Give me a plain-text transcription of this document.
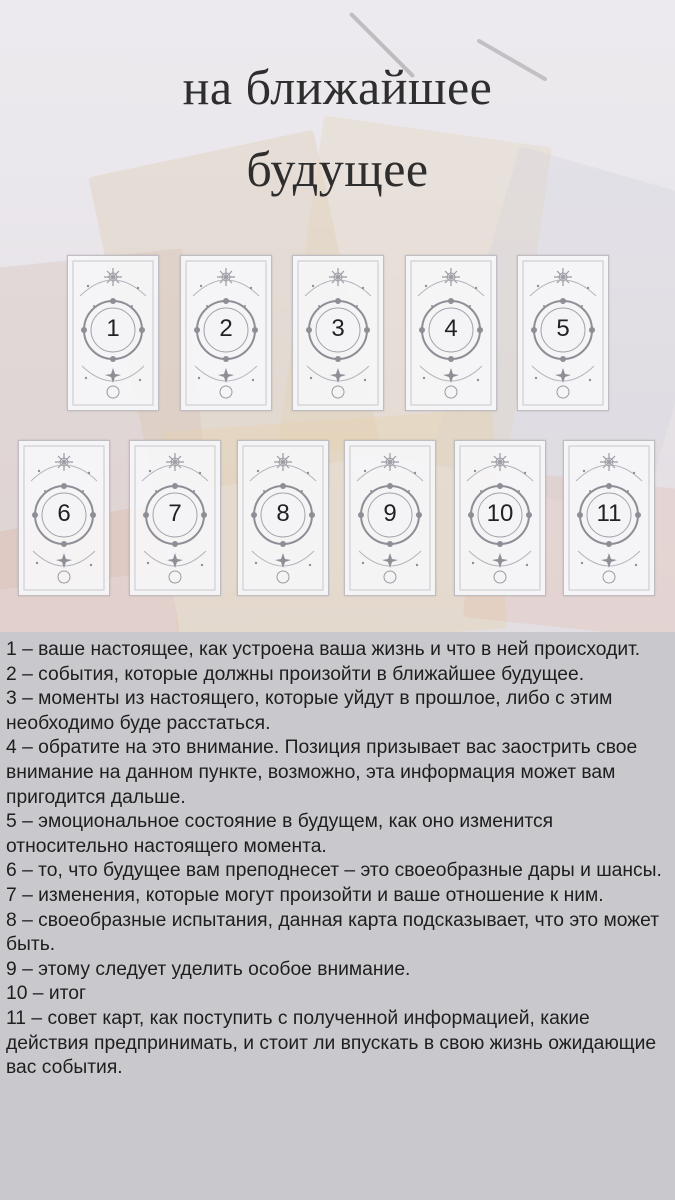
на ближайшее
будущее
1	2	3	4	5
6	7	8	9	10	11
1 – ваше настоящее, как устроена ваша жизнь и что в ней происходит.
2 – события, которые должны произойти в ближайшее будущее.
3 – моменты из настоящего, которые уйдут в прошлое, либо с этим необходимо буде расстаться.
4 – обратите на это внимание. Позиция призывает вас заострить свое внимание на данном пункте, возможно, эта информация может вам пригодится дальше.
5 – эмоциональное состояние в будущем, как оно изменится относительно настоящего момента.
6 – то, что будущее вам преподнесет – это своеобразные дары и шансы.
7 – изменения, которые могут произойти и ваше отношение к ним.
8 – своеобразные испытания, данная карта подсказывает, что это может быть.
9 – этому следует уделить особое внимание.
10 – итог
11 – совет карт, как поступить с полученной информацией, какие действия предпринимать, и стоит ли впускать в свою жизнь ожидающие вас события.
